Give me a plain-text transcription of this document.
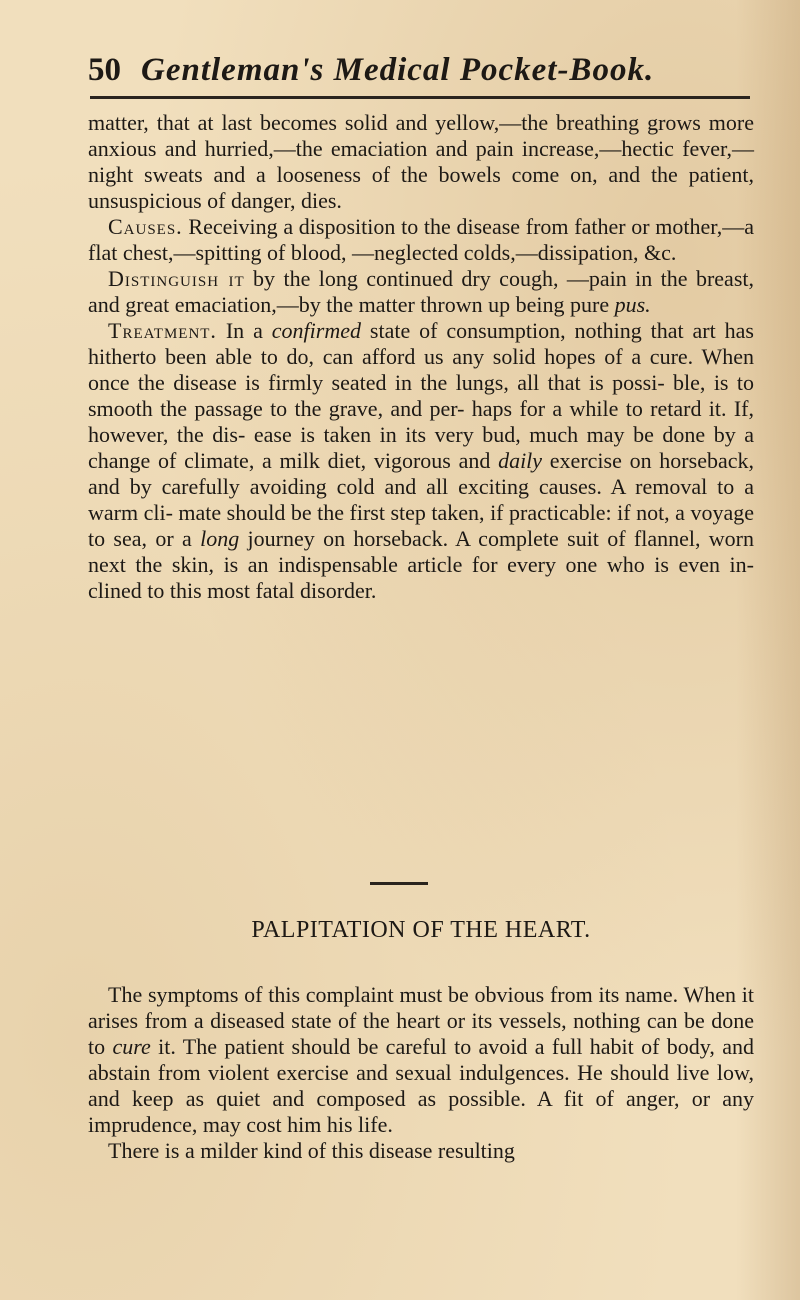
50 Gentleman's Medical Pocket-Book.

matter, that at last becomes solid and yellow,—the breathing grows more anxious and hurried,—the emaciation and pain increase,—hectic fever,—night sweats and a looseness of the bowels come on, and the patient, unsuspicious of danger, dies.

Causes. Receiving a disposition to the disease from father or mother,—a flat chest,—spitting of blood, —neglected colds,—dissipation, &c.

Distinguish it by the long continued dry cough, —pain in the breast, and great emaciation,—by the matter thrown up being pure pus.

Treatment. In a confirmed state of consumption, nothing that art has hitherto been able to do, can afford us any solid hopes of a cure. When once the disease is firmly seated in the lungs, all that is possi- ble, is to smooth the passage to the grave, and per- haps for a while to retard it. If, however, the dis- ease is taken in its very bud, much may be done by a change of climate, a milk diet, vigorous and daily exercise on horseback, and by carefully avoiding cold and all exciting causes. A removal to a warm cli- mate should be the first step taken, if practicable: if not, a voyage to sea, or a long journey on horseback. A complete suit of flannel, worn next the skin, is an indispensable article for every one who is even in- clined to this most fatal disorder.

PALPITATION OF THE HEART.

The symptoms of this complaint must be obvious from its name. When it arises from a diseased state of the heart or its vessels, nothing can be done to cure it. The patient should be careful to avoid a full habit of body, and abstain from violent exercise and sexual indulgences. He should live low, and keep as quiet and composed as possible. A fit of anger, or any imprudence, may cost him his life.

There is a milder kind of this disease resulting
